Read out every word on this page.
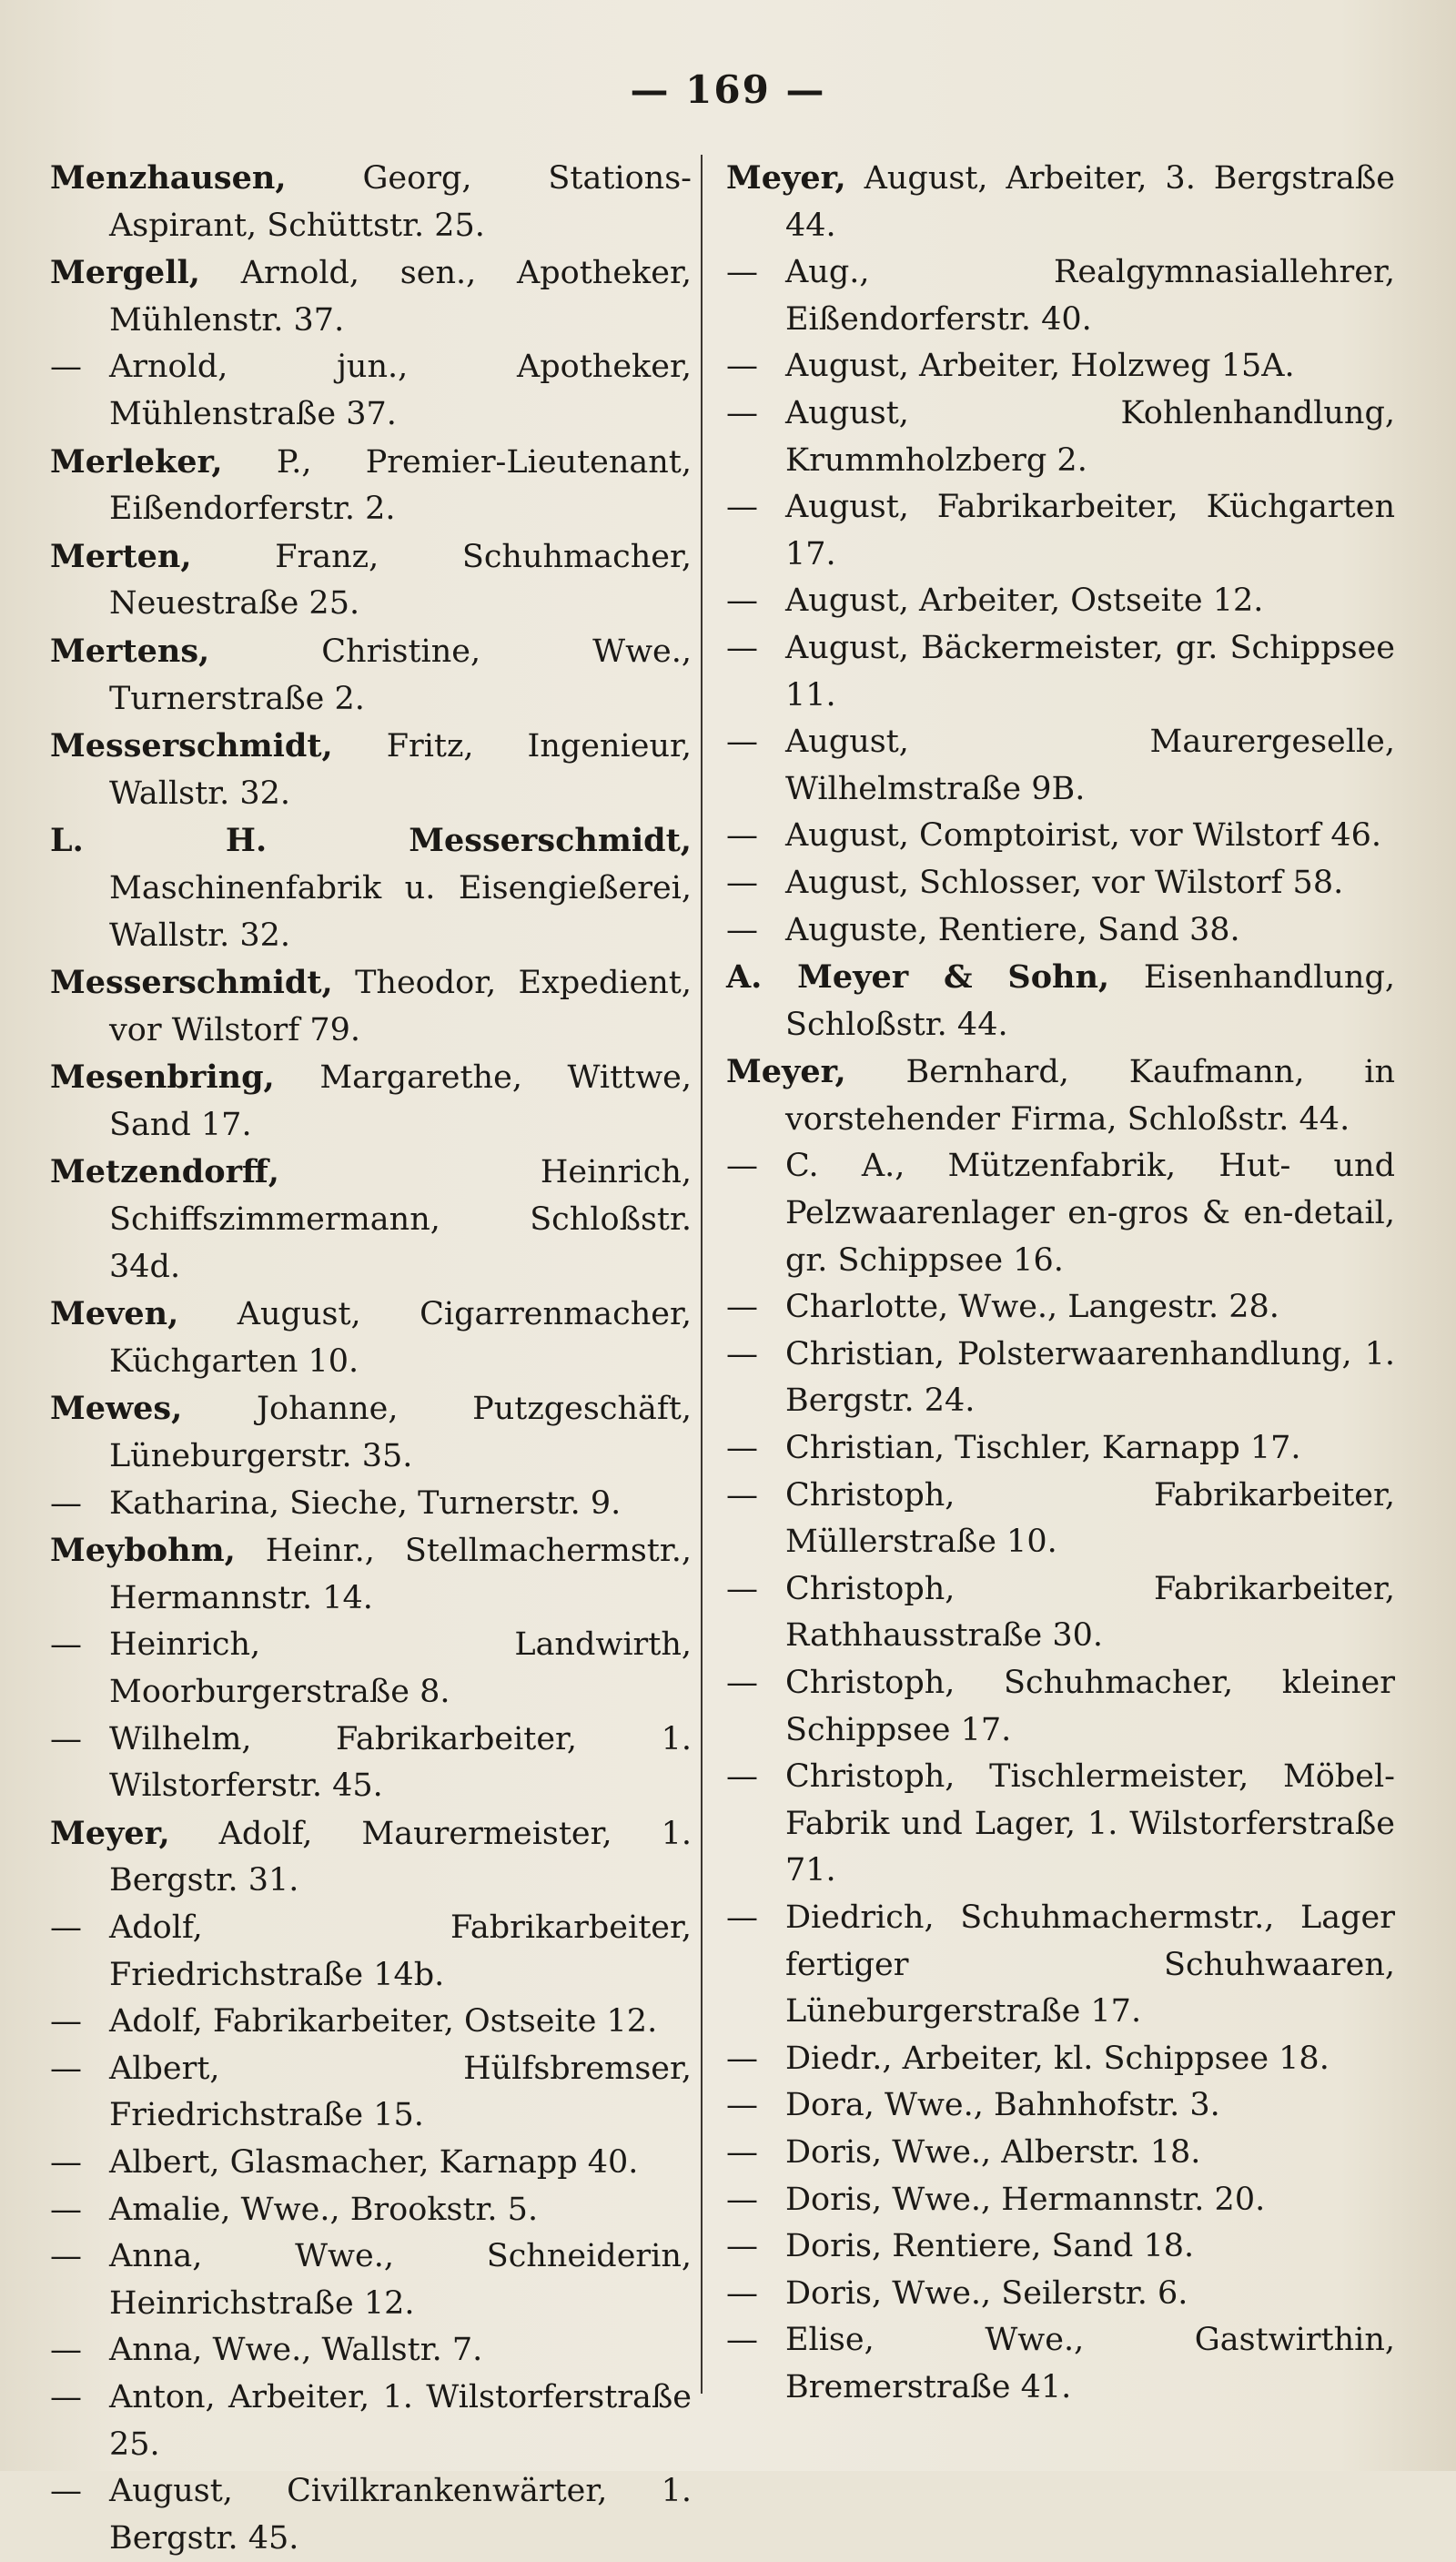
— 169 —

Menzhausen, Georg, Stations-Aspirant, Schüttstr. 25.

Mergell, Arnold, sen., Apotheker, Mühlenstr. 37.

— Arnold, jun., Apotheker, Mühlenstraße 37.

Merleker, P., Premier-Lieutenant, Eißendorferstr. 2.

Merten,	Franz, Schuhmacher, Neuestraße 25.

Mertens,	Christine, Wwe., Turnerstraße 2.

Messerschmidt, Fritz, Ingenieur, Wallstr. 32.

L. H. Messerschmidt, Maschinenfabrik u. Eisengießerei, Wallstr. 32.

Messerschmidt, Theodor, Expedient, vor Wilstorf 79.

Mesenbring, Margarethe, Wittwe, Sand 17.

Metzendorff,	Heinrich, Schiffszimmermann, Schloßstr. 34d.

Meven, August, Cigarrenmacher, Küchgarten 10.

Mewes, Johanne, Putzgeschäft, Lüneburgerstr. 35.

— Katharina, Sieche, Turnerstr. 9.

Meybohm, Heinr., Stellmachermstr., Hermannstr. 14.

— Heinrich, Landwirth, Moorburgerstraße 8.

— Wilhelm, Fabrikarbeiter, 1. Wilstorferstr. 45.

Meyer, Adolf, Maurermeister, 1. Bergstr. 31.

— Adolf, Fabrikarbeiter, Friedrichstraße 14b.

— Adolf, Fabrikarbeiter, Ostseite 12.

— Albert, Hülfsbremser, Friedrichstraße 15.

— Albert, Glasmacher, Karnapp 40.

— Amalie, Wwe., Brookstr. 5.

— Anna, Wwe., Schneiderin, Heinrichstraße 12.

— Anna, Wwe., Wallstr. 7.

— Anton, Arbeiter, 1. Wilstorferstraße 25.

— August, Civilkrankenwärter, 1. Bergstr. 45.

Meyer, August, Arbeiter, 3. Bergstraße 44.

— Aug., Realgymnasiallehrer, Eißendorferstr. 40.

— August, Arbeiter, Holzweg 15A.

— August, Kohlenhandlung, Krummholzberg 2.

— August, Fabrikarbeiter, Küchgarten 17.

— August, Arbeiter, Ostseite 12.

— August, Bäckermeister, gr. Schippsee 11.

— August, Maurergeselle, Wilhelmstraße 9B.

— August, Comptoirist, vor Wilstorf 46.

— August, Schlosser, vor Wilstorf 58.

— Auguste, Rentiere, Sand 38.

A. Meyer & Sohn, Eisenhandlung, Schloßstr. 44.

Meyer, Bernhard, Kaufmann, in vorstehender Firma, Schloßstr. 44.

— C. A., Mützenfabrik, Hut- und Pelzwaarenlager en-gros & en-detail, gr. Schippsee 16.

— Charlotte, Wwe., Langestr. 28.

— Christian, Polsterwaarenhandlung, 1. Bergstr. 24.

— Christian, Tischler, Karnapp 17.

— Christoph, Fabrikarbeiter, Müllerstraße 10.

— Christoph, Fabrikarbeiter, Rathhausstraße 30.

— Christoph, Schuhmacher, kleiner Schippsee 17.

— Christoph, Tischlermeister, Möbel-Fabrik und Lager, 1. Wilstorferstraße 71.

— Diedrich, Schuhmachermstr., Lager fertiger Schuhwaaren, Lüneburgerstraße 17.

— Diedr., Arbeiter, kl. Schippsee 18.

— Dora, Wwe., Bahnhofstr. 3.

— Doris, Wwe., Alberstr. 18.

— Doris, Wwe., Hermannstr. 20.

— Doris, Rentiere, Sand 18.

— Doris, Wwe., Seilerstr. 6.

— Elise, Wwe., Gastwirthin, Bremerstraße 41.
